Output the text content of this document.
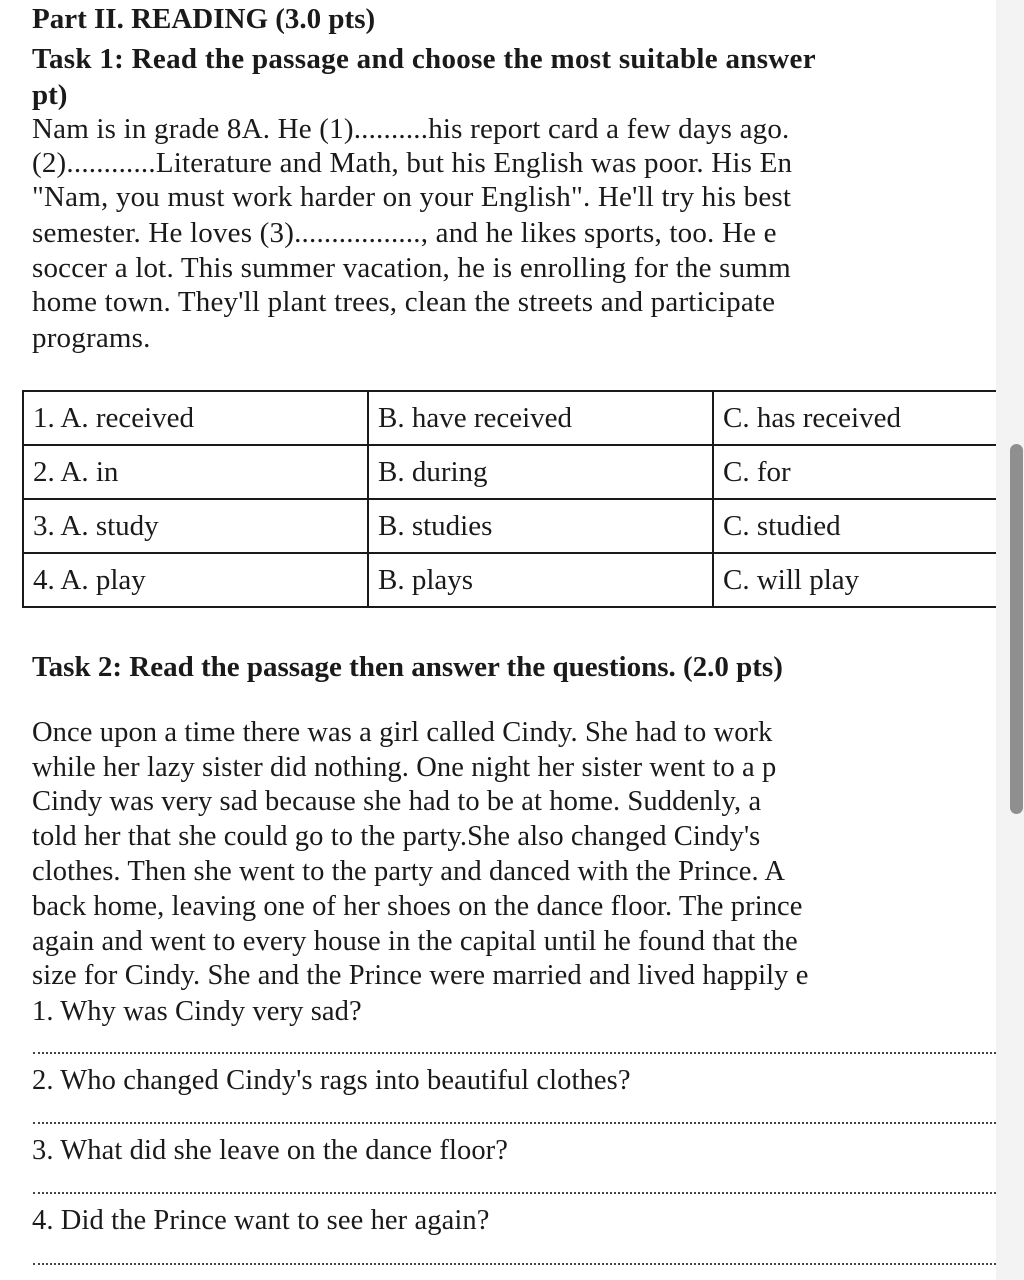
Part II. READING (3.0 pts)
Task 1: Read the passage and choose the most suitable answer
pt)
Nam is in grade 8A. He (1)..........his report card a few days ago.
(2)............Literature and Math, but his English was poor. His En
"Nam, you must work harder on your English". He'll try his best
semester. He loves (3)................., and he likes sports, too. He e
soccer a lot. This summer vacation, he is enrolling for the summ
home town. They'll plant trees, clean the streets and participate
programs.
1. A. received	B. have received	C. has received
2. A. in	B. during	C. for
3. A. study	B. studies	C. studied
4. A. play	B. plays	C. will play
Task 2: Read the passage then answer the questions. (2.0 pts)
Once upon a time there was a girl called Cindy. She had to work
while her lazy sister did nothing. One night her sister went to a p
Cindy was very sad because she had to be at home. Suddenly, a
told her that she could go to the party.She also changed Cindy's
clothes. Then she went to the party and danced with the Prince. A
back home, leaving one of her shoes on the dance floor. The prince
again and went to every house in the capital until he found that the
size for Cindy. She and the Prince were married and lived happily e
1. Why was Cindy very sad?
2. Who changed Cindy's rags into beautiful clothes?
3. What did she leave on the dance floor?
4. Did the Prince want to see her again?
